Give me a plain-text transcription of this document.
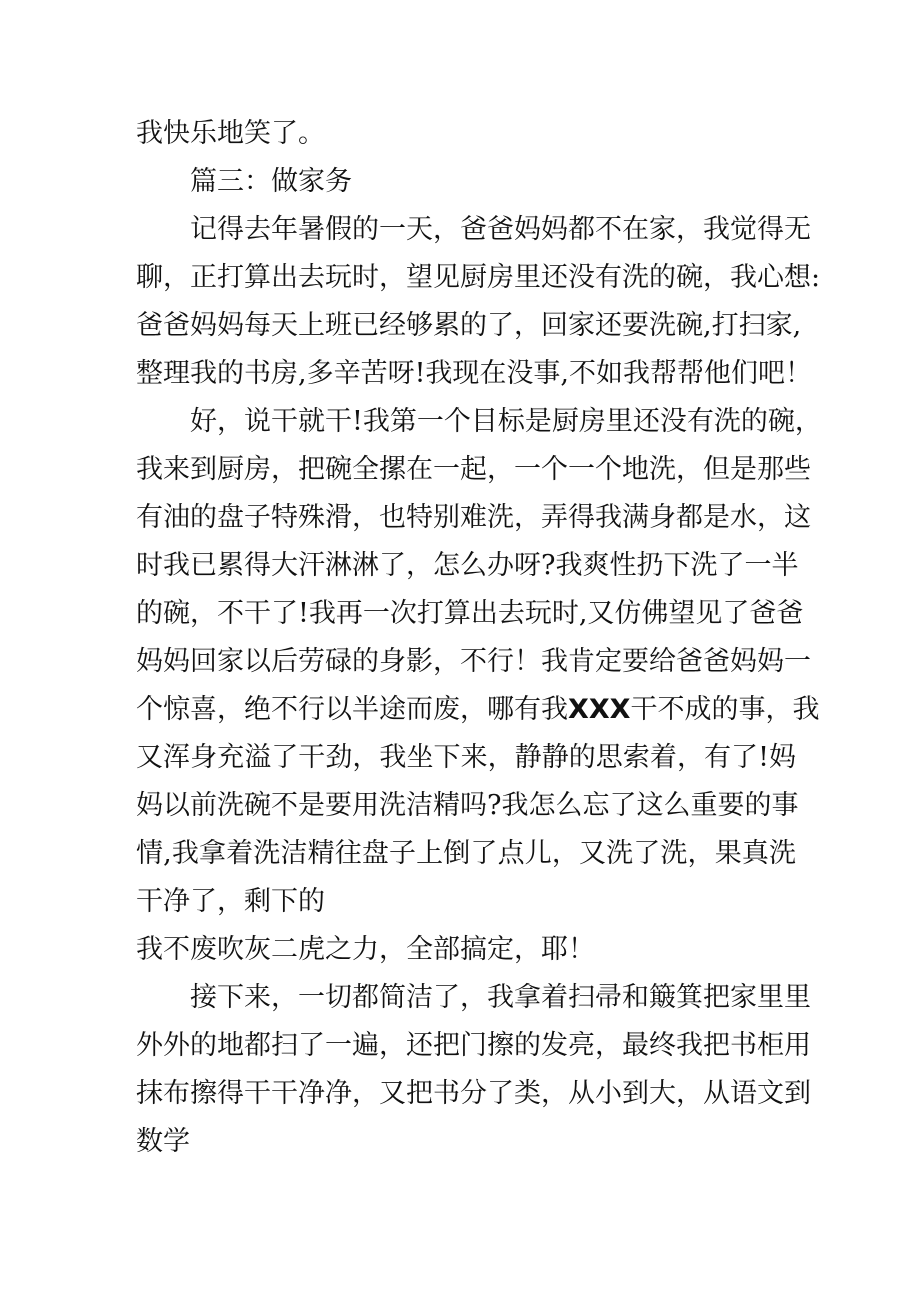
我快乐地笑了。
篇三：做家务
记得去年暑假的一天，爸爸妈妈都不在家，我觉得无
聊，正打算出去玩时，望见厨房里还没有洗的碗，我心想:
爸爸妈妈每天上班已经够累的了，回家还要洗碗,打扫家,
整理我的书房,多辛苦呀!我现在没事,不如我帮帮他们吧！
好，说干就干!我第一个目标是厨房里还没有洗的碗，
我来到厨房，把碗全摞在一起，一个一个地洗，但是那些
有油的盘子特殊滑，也特别难洗，弄得我满身都是水，这
时我已累得大汗淋淋了，怎么办呀?我爽性扔下洗了一半
的碗，不干了!我再一次打算出去玩时,又仿佛望见了爸爸
妈妈回家以后劳碌的身影，不行！我肯定要给爸爸妈妈一
个惊喜，绝不行以半途而废，哪有我XXX干不成的事，我
又浑身充溢了干劲，我坐下来，静静的思索着，有了!妈
妈以前洗碗不是要用洗洁精吗?我怎么忘了这么重要的事
情,我拿着洗洁精往盘子上倒了点儿，又洗了洗，果真洗
干净了，剩下的
我不废吹灰二虎之力，全部搞定，耶！
接下来，一切都简洁了，我拿着扫帚和簸箕把家里里
外外的地都扫了一遍，还把门擦的发亮，最终我把书柜用
抹布擦得干干净净，又把书分了类，从小到大，从语文到
数学
